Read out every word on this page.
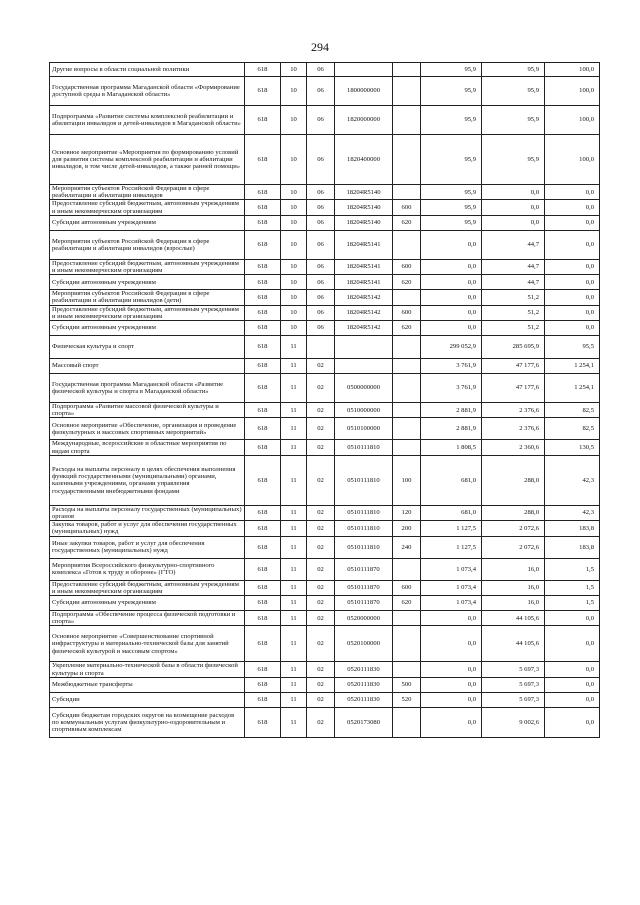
294
Другие вопросы в области социальной политики	618	10	06			95,9	95,9	100,0
Государственная программа Магаданской области «Формирование доступной среды в Магаданской области»	618	10	06	1800000000		95,9	95,9	100,0
Подпрограмма «Развитие системы комплексной реабилитации и абилитации инвалидов и детей-инвалидов в Магаданской области»	618	10	06	1820000000		95,9	95,9	100,0
Основное мероприятие «Мероприятия по формированию условий для развития системы комплексной реабилитации и абилитации инвалидов, в том числе детей-инвалидов, а также ранней помощи»	618	10	06	1820400000		95,9	95,9	100,0
Мероприятия субъектов Российской Федерации в сфере реабилитации и абилитации инвалидов	618	10	06	18204R5140		95,9	0,0	0,0
Предоставление субсидий бюджетным, автономным учреждениям и иным некоммерческим организациям	618	10	06	18204R5140	600	95,9	0,0	0,0
Субсидии автономным учреждениям	618	10	06	18204R5140	620	95,9	0,0	0,0
Мероприятия субъектов Российской Федерации в сфере реабилитации и абилитации инвалидов (взрослые)	618	10	06	18204R5141		0,0	44,7	0,0
Предоставление субсидий бюджетным, автономным учреждениям и иным некоммерческим организациям	618	10	06	18204R5141	600	0,0	44,7	0,0
Субсидии автономным учреждениям	618	10	06	18204R5141	620	0,0	44,7	0,0
Мероприятия субъектов Российской Федерации в сфере реабилитации и абилитации инвалидов (дети)	618	10	06	18204R5142		0,0	51,2	0,0
Предоставление субсидий бюджетным, автономным учреждениям и иным некоммерческим организациям	618	10	06	18204R5142	600	0,0	51,2	0,0
Субсидии автономным учреждениям	618	10	06	18204R5142	620	0,0	51,2	0,0
Физическая культура и спорт	618	11				299 052,9	285 695,9	95,5
Массовый спорт	618	11	02			3 761,9	47 177,6	1 254,1
Государственная программа Магаданской области «Развитие физической культуры и спорта в Магаданской области»	618	11	02	0500000000		3 761,9	47 177,6	1 254,1
Подпрограмма «Развитие массовой физической культуры и спорта»	618	11	02	0510000000		2 881,9	2 376,6	82,5
Основное мероприятие «Обеспечение, организация и проведение физкультурных и массовых спортивных мероприятий»	618	11	02	0510100000		2 881,9	2 376,6	82,5
Международные, всероссийские и областные мероприятия по видам спорта	618	11	02	0510111810		1 808,5	2 360,6	130,5
Расходы на выплаты персоналу в целях обеспечения выполнения функций государственными (муниципальными) органами, казенными учреждениями, органами управления государственными внебюджетными фондами	618	11	02	0510111810	100	681,0	288,0	42,3
Расходы на выплаты персоналу государственных (муниципальных) органов	618	11	02	0510111810	120	681,0	288,0	42,3
Закупка товаров, работ и услуг для обеспечения государственных (муниципальных) нужд	618	11	02	0510111810	200	1 127,5	2 072,6	183,8
Иные закупки товаров, работ и услуг для обеспечения государственных (муниципальных) нужд	618	11	02	0510111810	240	1 127,5	2 072,6	183,8
Мероприятия Всероссийского физкультурно-спортивного комплекса «Готов к труду и обороне» (ГТО)	618	11	02	0510111870		1 073,4	16,0	1,5
Предоставление субсидий бюджетным, автономным учреждениям и иным некоммерческим организациям	618	11	02	0510111870	600	1 073,4	16,0	1,5
Субсидии автономным учреждениям	618	11	02	0510111870	620	1 073,4	16,0	1,5
Подпрограмма «Обеспечение процесса физической подготовки и спорта»	618	11	02	0520000000		0,0	44 105,6	0,0
Основное мероприятие «Совершенствование спортивной инфраструктуры и материально-технической базы для занятий физической культурой и массовым спортом»	618	11	02	0520100000		0,0	44 105,6	0,0
Укрепление материально-технической базы в области физической культуры и спорта	618	11	02	0520111830		0,0	5 697,3	0,0
Межбюджетные трансферты	618	11	02	0520111830	500	0,0	5 697,3	0,0
Субсидии	618	11	02	0520111830	520	0,0	5 697,3	0,0
Субсидии бюджетам городских округов на возмещение расходов по коммунальным услугам физкультурно-оздоровительным и спортивным комплексам	618	11	02	0520173080		0,0	9 002,6	0,0
